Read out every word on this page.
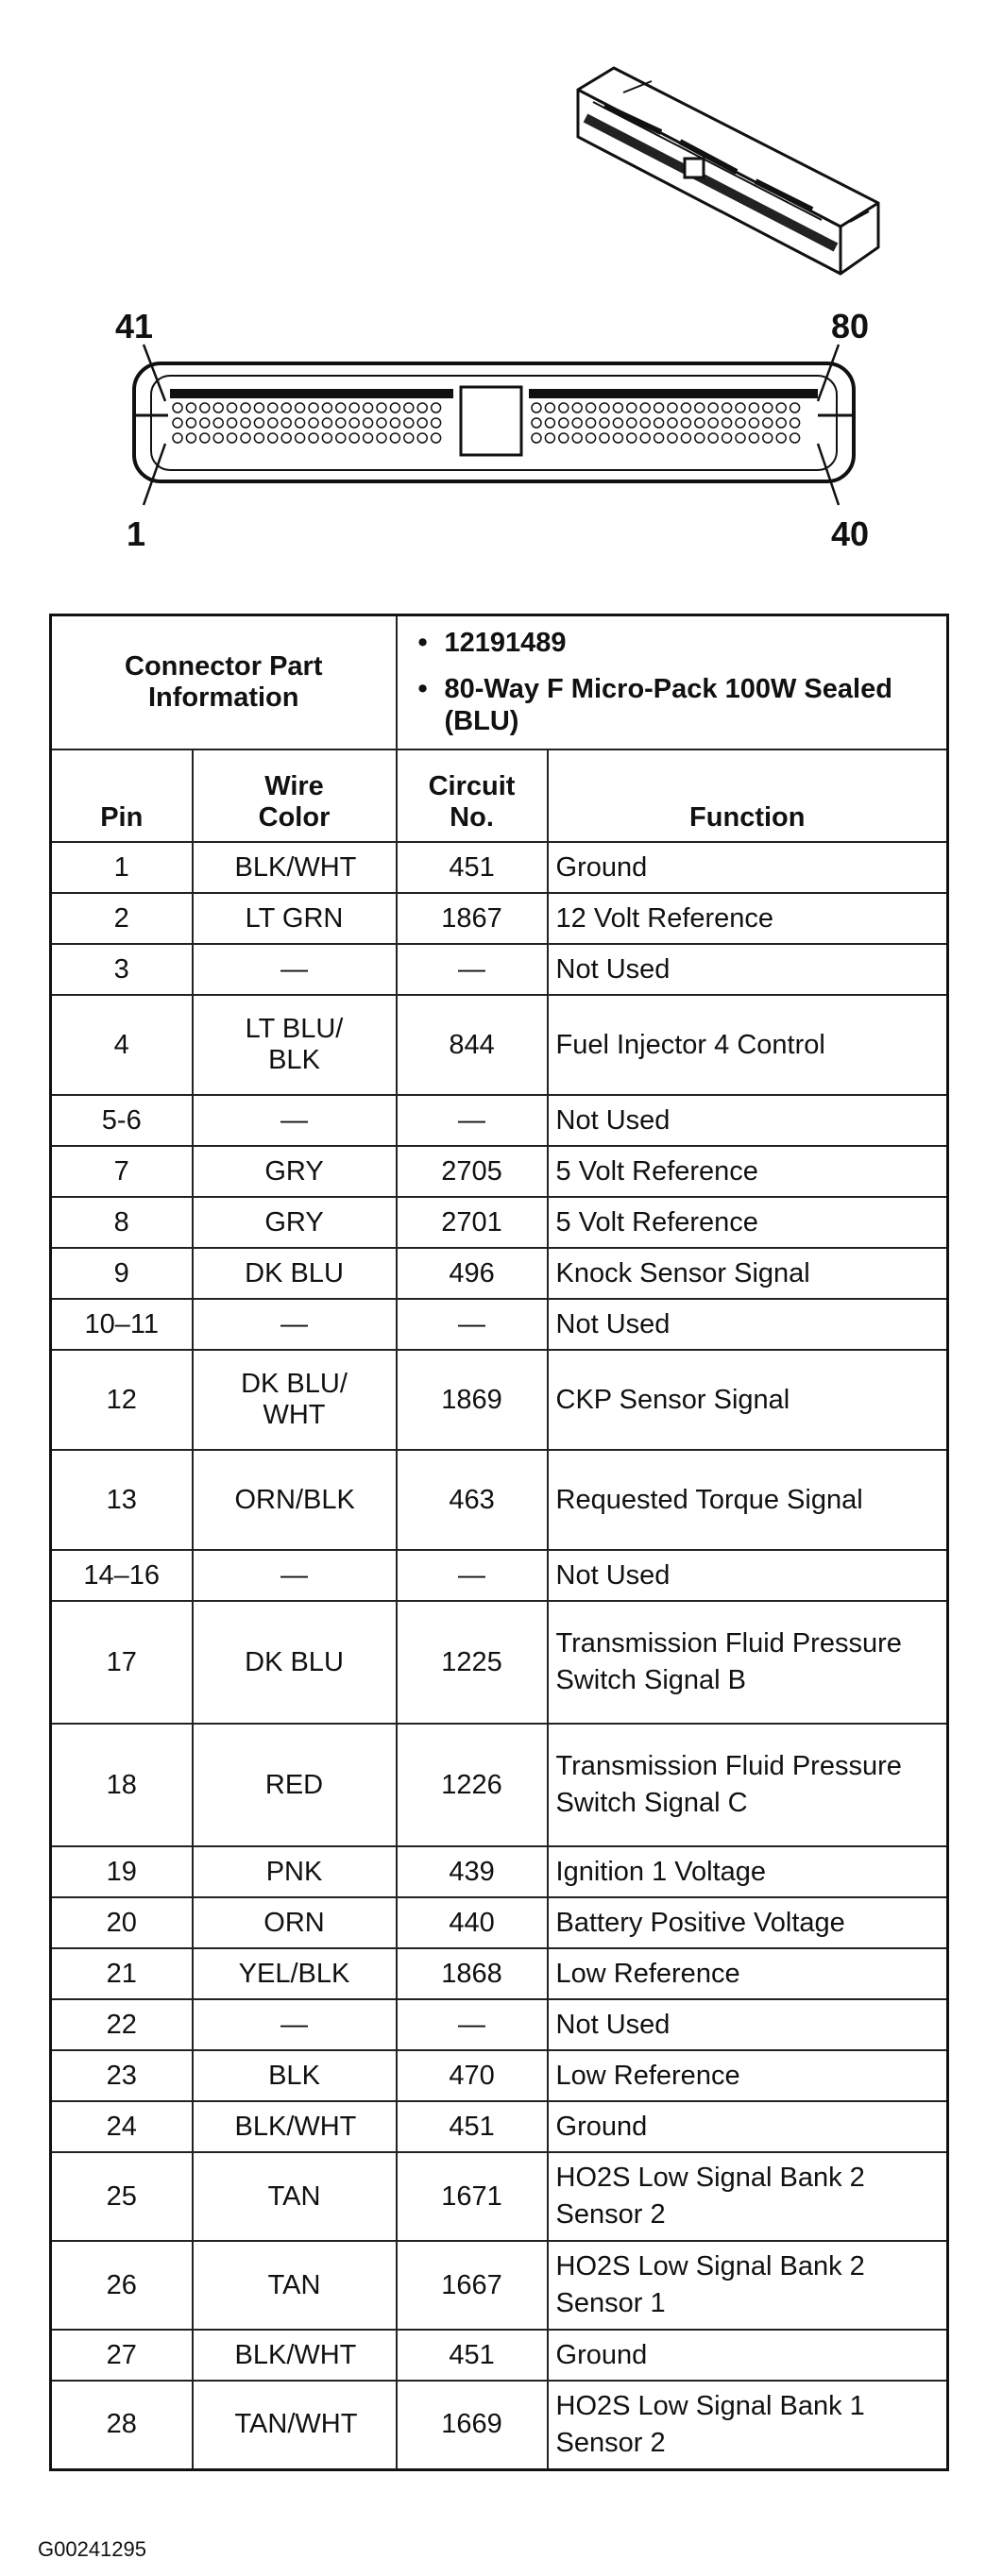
41	80
1	40
Connector Part Information		• 12191489
• 80-Way F Micro-Pack 100W Sealed (BLU)	

Pin	Wire Color	Circuit No.	Function
1	BLK/WHT	451	Ground
2	LT GRN	1867	12 Volt Reference
3	—	—	Not Used
4	LT BLU/ BLK	844	Fuel Injector 4 Control
5-6	—	—	Not Used
7	GRY	2705	5 Volt Reference
8	GRY	2701	5 Volt Reference
9	DK BLU	496	Knock Sensor Signal
10–11	—	—	Not Used
12	DK BLU/ WHT	1869	CKP Sensor Signal
13	ORN/BLK	463	Requested Torque Signal
14–16	—	—	Not Used
17	DK BLU	1225	Transmission Fluid Pressure Switch Signal B
18	RED	1226	Transmission Fluid Pressure Switch Signal C
19	PNK	439	Ignition 1 Voltage
20	ORN	440	Battery Positive Voltage
21	YEL/BLK	1868	Low Reference
22	—	—	Not Used
23	BLK	470	Low Reference
24	BLK/WHT	451	Ground
25	TAN	1671	HO2S Low Signal Bank 2 Sensor 2
26	TAN	1667	HO2S Low Signal Bank 2 Sensor 1
27	BLK/WHT	451	Ground
28	TAN/WHT	1669	HO2S Low Signal Bank 1 Sensor 2
G00241295
